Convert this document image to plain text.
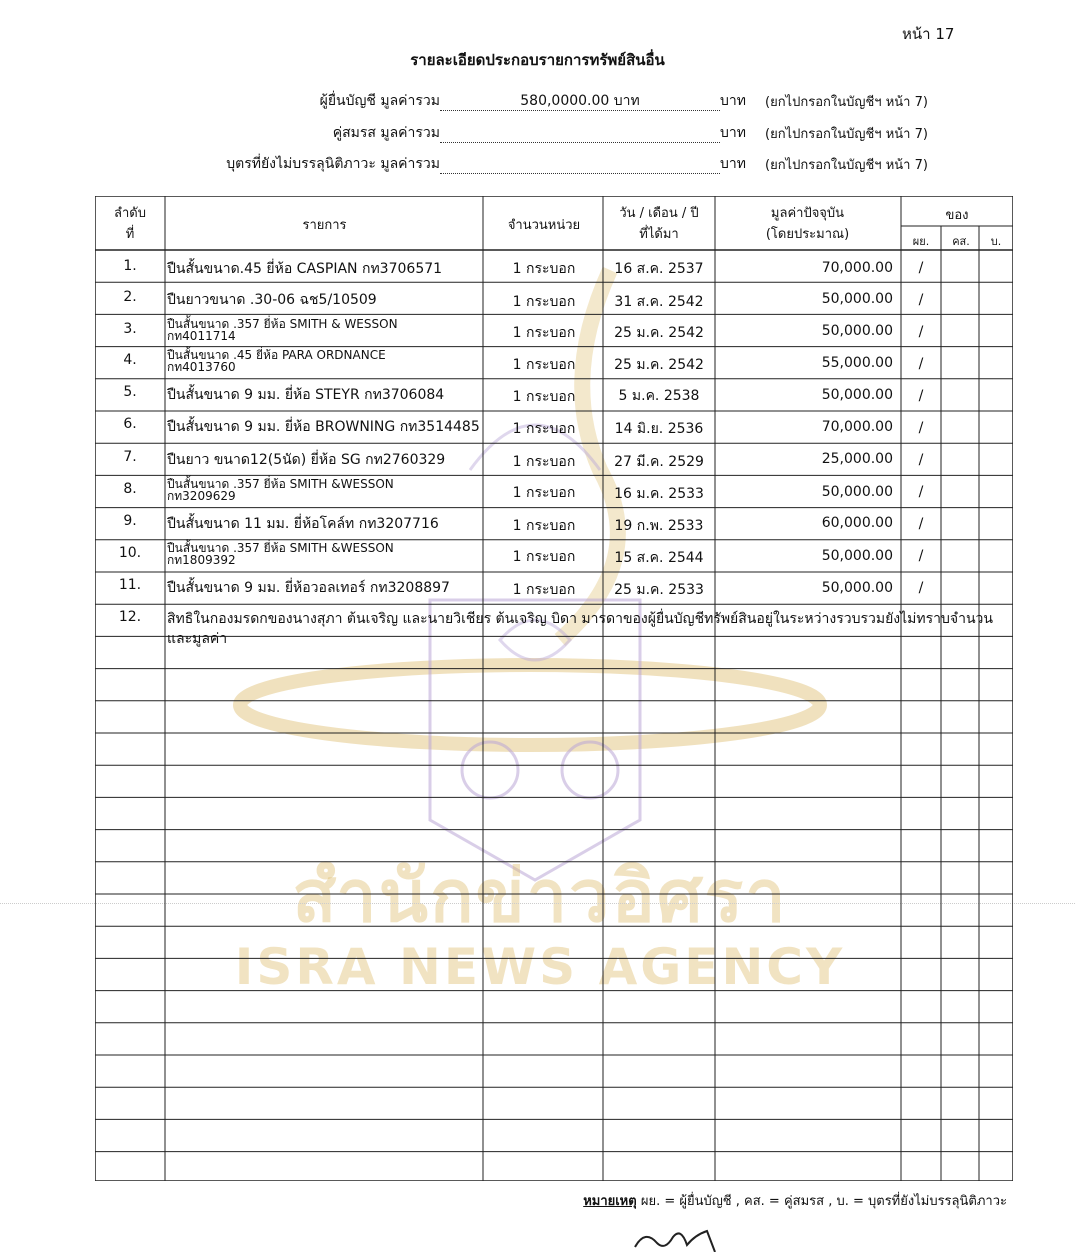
หน้า 17
รายละเอียดประกอบรายการทรัพย์สินอื่น
ผู้ยื่นบัญชี มูลค่ารวม	580,0000.00 บาท	บาท (ยกไปกรอกในบัญชีฯ หน้า 7)
คู่สมรส มูลค่ารวม	บาท (ยกไปกรอกในบัญชีฯ หน้า 7)
บุตรที่ยังไม่บรรลุนิติภาวะ มูลค่ารวม	บาท (ยกไปกรอกในบัญชีฯ หน้า 7)
สำนักข่าวอิศรา
ISRA NEWS AGENCY
ลำดับ
ที่
รายการ	จำนวนหน่วย
วัน / เดือน / ปี
ที่ได้มา
มูลค่าปัจจุบัน
(โดยประมาณ)
ของ
ผย.	คส.	บ.
1.	ปืนสั้นขนาด.45 ยี่ห้อ CASPIAN กท3706571	1 กระบอก	16 ส.ค. 2537	70,000.00	/
2.	ปืนยาวขนาด .30-06 ฉช5/10509	1 กระบอก	31 ส.ค. 2542	50,000.00	/
3.	ปืนสั้นขนาด .357 ยี่ห้อ SMITH & WESSON
กท4011714	1 กระบอก	25 ม.ค. 2542	50,000.00	/
4.	ปืนสั้นขนาด .45 ยี่ห้อ PARA ORDNANCE
กท4013760	1 กระบอก	25 ม.ค. 2542	55,000.00	/
5.	ปืนสั้นขนาด 9 มม. ยี่ห้อ STEYR กท3706084	1 กระบอก	5 ม.ค. 2538	50,000.00	/
6.	ปืนสั้นขนาด 9 มม. ยี่ห้อ BROWNING กท3514485	1 กระบอก	14 มิ.ย. 2536	70,000.00	/
7.	ปืนยาว ขนาด12(5นัด) ยี่ห้อ SG กท2760329	1 กระบอก	27 มี.ค. 2529	25,000.00	/
8.	ปืนสั้นขนาด .357 ยี่ห้อ SMITH &WESSON
กท3209629	1 กระบอก	16 ม.ค. 2533	50,000.00	/
9.	ปืนสั้นขนาด 11 มม. ยี่ห้อโคล์ท กท3207716	1 กระบอก	19 ก.พ. 2533	60,000.00	/
10.	ปืนสั้นขนาด .357 ยี่ห้อ SMITH &WESSON
กท1809392	1 กระบอก	15 ส.ค. 2544	50,000.00	/
11.	ปืนสั้นขนาด 9 มม. ยี่ห้อวอลเทอร์ กท3208897	1 กระบอก	25 ม.ค. 2533	50,000.00	/
12.	สิทธิในกองมรดกของนางสุภา ต้นเจริญ และนายวิเชียร ต้นเจริญ บิดา มารดาของผู้ยื่นบัญชีทรัพย์สินอยู่ในระหว่างรวบรวมยังไม่ทราบจำนวนและมูลค่า
หมายเหตุ ผย. = ผู้ยื่นบัญชี , คส. = คู่สมรส , บ. = บุตรที่ยังไม่บรรลุนิติภาวะ
